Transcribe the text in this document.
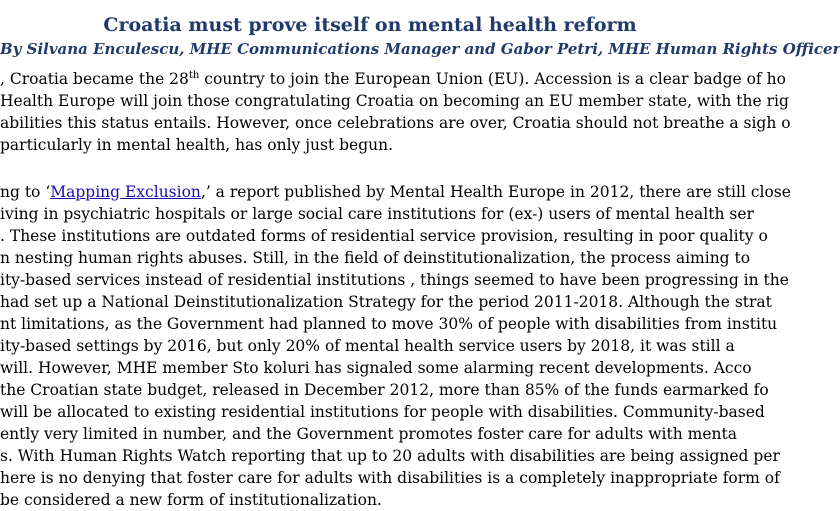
Croatia must prove itself on mental health reform

By Silvana Enculescu, MHE Communications Manager and Gabor Petri, MHE Human Rights Officer

, Croatia became the 28th country to join the European Union (EU). Accession is a clear badge of ho
Health Europe will join those congratulating Croatia on becoming an EU member state, with the rig
abilities this status entails. However, once celebrations are over, Croatia should not breathe a sigh o
particularly in mental health, has only just begun.
ng to ‘Mapping Exclusion,’ a report published by Mental Health Europe in 2012, there are still close
iving in psychiatric hospitals or large social care institutions for (ex-) users of mental health ser
. These institutions are outdated forms of residential service provision, resulting in poor quality o
n nesting human rights abuses. Still, in the field of deinstitutionalization, the process aiming to
ity-based services instead of residential institutions , things seemed to have been progressing in the
had set up a National Deinstitutionalization Strategy for the period 2011-2018. Although the strat
nt limitations, as the Government had planned to move 30% of people with disabilities from institu
ity-based settings by 2016, but only 20% of mental health service users by 2018, it was still a
will. However, MHE member Sto koluri has signaled some alarming recent developments. Acco
the Croatian state budget, released in December 2012, more than 85% of the funds earmarked fo
will be allocated to existing residential institutions for people with disabilities. Community-based
ently very limited in number, and the Government promotes foster care for adults with menta
s. With Human Rights Watch reporting that up to 20 adults with disabilities are being assigned per
here is no denying that foster care for adults with disabilities is a completely inappropriate form of
be considered a new form of institutionalization.
